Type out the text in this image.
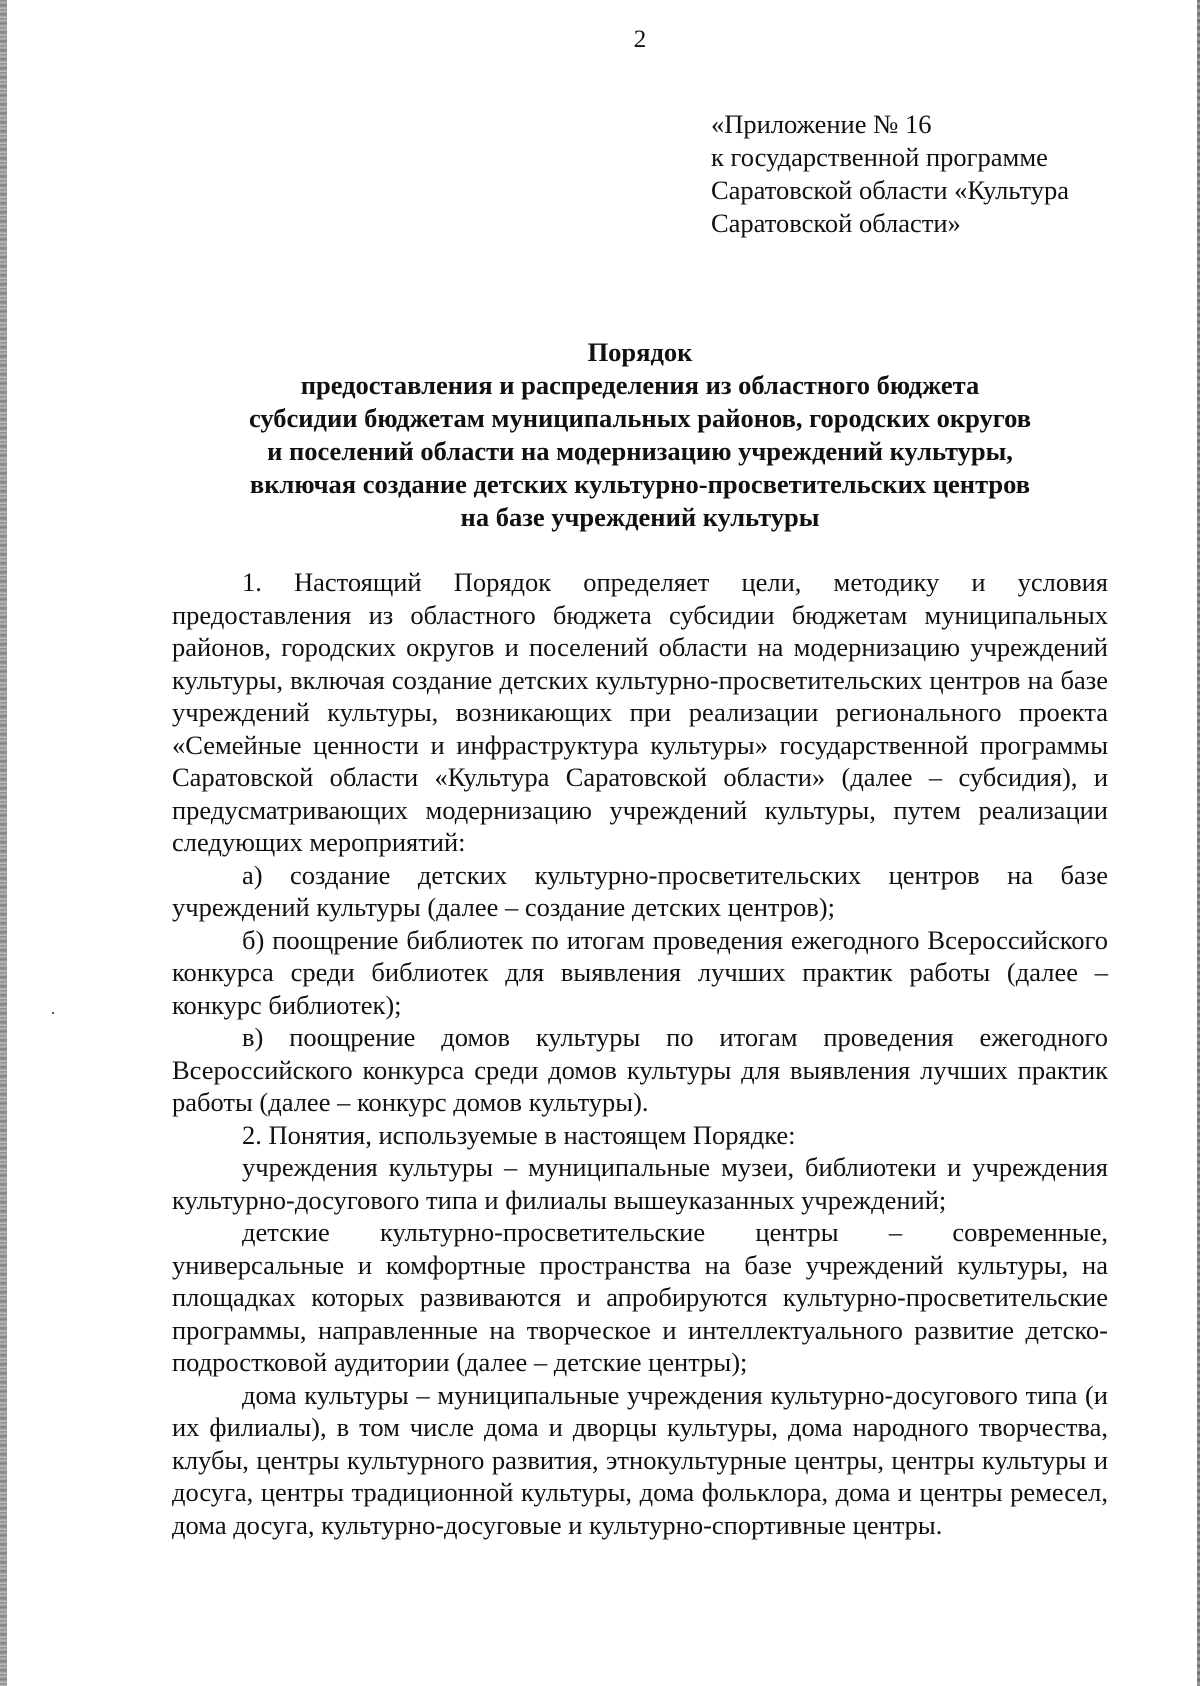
2
«Приложение № 16
к государственной программе
Саратовской области «Культура
Саратовской области»
Порядок
предоставления и распределения из областного бюджета
субсидии бюджетам муниципальных районов, городских округов
и поселений области на модернизацию учреждений культуры,
включая создание детских культурно-просветительских центров
на базе учреждений культуры

1. Настоящий Порядок определяет цели, методику и условия предоставления из областного бюджета субсидии бюджетам муниципальных районов, городских округов и поселений области на модернизацию учреждений культуры, включая создание детских культурно-просветительских центров на базе учреждений культуры, возникающих при реализации регионального проекта «Семейные ценности и инфраструктура культуры» государственной программы Саратовской области «Культура Саратовской области» (далее – субсидия), и предусматривающих модернизацию учреждений культуры, путем реализации следующих мероприятий:

а) создание детских культурно-просветительских центров на базе учреждений культуры (далее – создание детских центров);

б) поощрение библиотек по итогам проведения ежегодного Всероссийского конкурса среди библиотек для выявления лучших практик работы (далее – конкурс библиотек);

в) поощрение домов культуры по итогам проведения ежегодного Всероссийского конкурса среди домов культуры для выявления лучших практик работы (далее – конкурс домов культуры).

2. Понятия, используемые в настоящем Порядке:

учреждения культуры – муниципальные музеи, библиотеки и учреждения культурно-досугового типа и филиалы вышеуказанных учреждений;

детские культурно-просветительские центры – современные, универсальные и комфортные пространства на базе учреждений культуры, на площадках которых развиваются и апробируются культурно-просветительские программы, направленные на творческое и интеллектуального развитие детско-подростковой аудитории (далее – детские центры);

дома культуры – муниципальные учреждения культурно-досугового типа (и их филиалы), в том числе дома и дворцы культуры, дома народного творчества, клубы, центры культурного развития, этнокультурные центры, центры культуры и досуга, центры традиционной культуры, дома фольклора, дома и центры ремесел, дома досуга, культурно-досуговые и культурно-спортивные центры.
